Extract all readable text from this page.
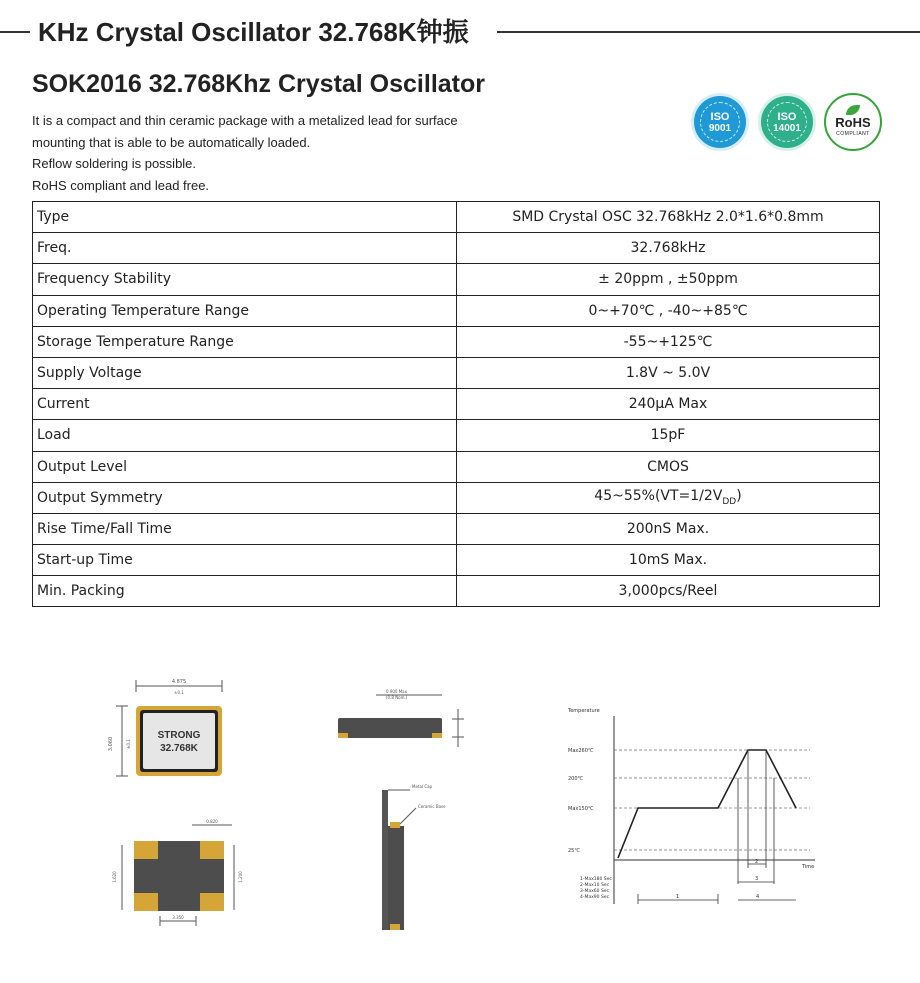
KHz Crystal Oscillator 32.768K钟振
SOK2016 32.768Khz Crystal Oscillator
It is a compact and thin ceramic package with a metalized lead for surface
mounting that is able to be automatically loaded.
Reflow soldering is possible.
RoHS compliant and lead free.
ISO
9001
ISO
14001	RoHS
COMPLIANT
Type	SMD Crystal OSC 32.768kHz 2.0*1.6*0.8mm
Freq.	32.768kHz
Frequency Stability	± 20ppm , ±50ppm
Operating Temperature Range	0~+70℃ , -40~+85℃
Storage Temperature Range	-55~+125℃
Supply Voltage	1.8V ~ 5.0V
Current	240μA Max
Load	15pF
Output Level	CMOS
Output Symmetry	$45\sim 55\%(VT=1/2V_{DD})$
Rise Time/Fall Time	200nS Max.
Start-up Time	10mS Max.
Min. Packing	3,000pcs/Reel
4.875
±0.1
3.060	±0.1
STRONG
32.768K
0.820
1.620	1.200
3.350
0.900 Max
(0.8 Nom.)
Metal Cap
Ceramic Base
Temperature
Time
Max260℃
200℃
Max150℃
25℃
2
3
1	4
1-Max180 Sec
2-Max10 Sec
3-Max60 Sec
4-Max90 Sec
